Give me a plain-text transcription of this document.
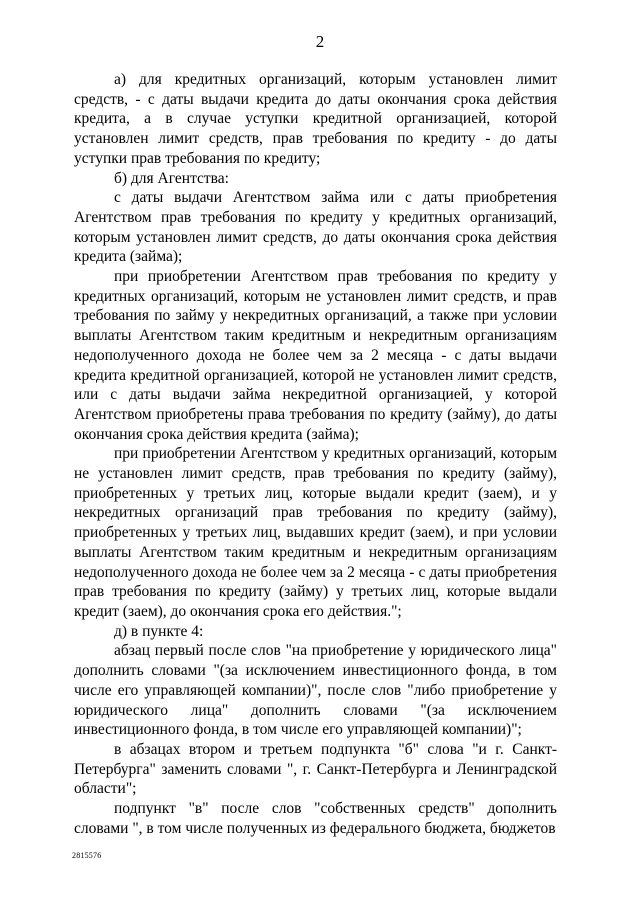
2

а) для кредитных организаций, которым установлен лимит средств, - с даты выдачи кредита до даты окончания срока действия кредита, а в случае уступки кредитной организацией, которой установлен лимит средств, прав требования по кредиту - до даты уступки прав требования по кредиту;

б) для Агентства:

с даты выдачи Агентством займа или с даты приобретения Агентством прав требования по кредиту у кредитных организаций, которым установлен лимит средств, до даты окончания срока действия кредита (займа);

при приобретении Агентством прав требования по кредиту у кредитных организаций, которым не установлен лимит средств, и прав требования по займу у некредитных организаций, а также при условии выплаты Агентством таким кредитным и некредитным организациям недополученного дохода не более чем за 2 месяца - с даты выдачи кредита кредитной организацией, которой не установлен лимит средств, или с даты выдачи займа некредитной организацией, у которой Агентством приобретены права требования по кредиту (займу), до даты окончания срока действия кредита (займа);

при приобретении Агентством у кредитных организаций, которым не установлен лимит средств, прав требования по кредиту (займу), приобретенных у третьих лиц, которые выдали кредит (заем), и у некредитных организаций прав требования по кредиту (займу), приобретенных у третьих лиц, выдавших кредит (заем), и при условии выплаты Агентством таким кредитным и некредитным организациям недополученного дохода не более чем за 2 месяца - с даты приобретения прав требования по кредиту (займу) у третьих лиц, которые выдали кредит (заем), до окончания срока его действия.";

д) в пункте 4:

абзац первый после слов "на приобретение у юридического лица" дополнить словами "(за исключением инвестиционного фонда, в том числе его управляющей компании)", после слов "либо приобретение у юридического лица" дополнить словами "(за исключением инвестиционного фонда, в том числе его управляющей компании)";

в абзацах втором и третьем подпункта "б" слова "и г. Санкт-Петербурга" заменить словами ", г. Санкт-Петербурга и Ленинградской области";

подпункт "в" после слов "собственных средств" дополнить словами ", в том числе полученных из федерального бюджета, бюджетов

2815576
